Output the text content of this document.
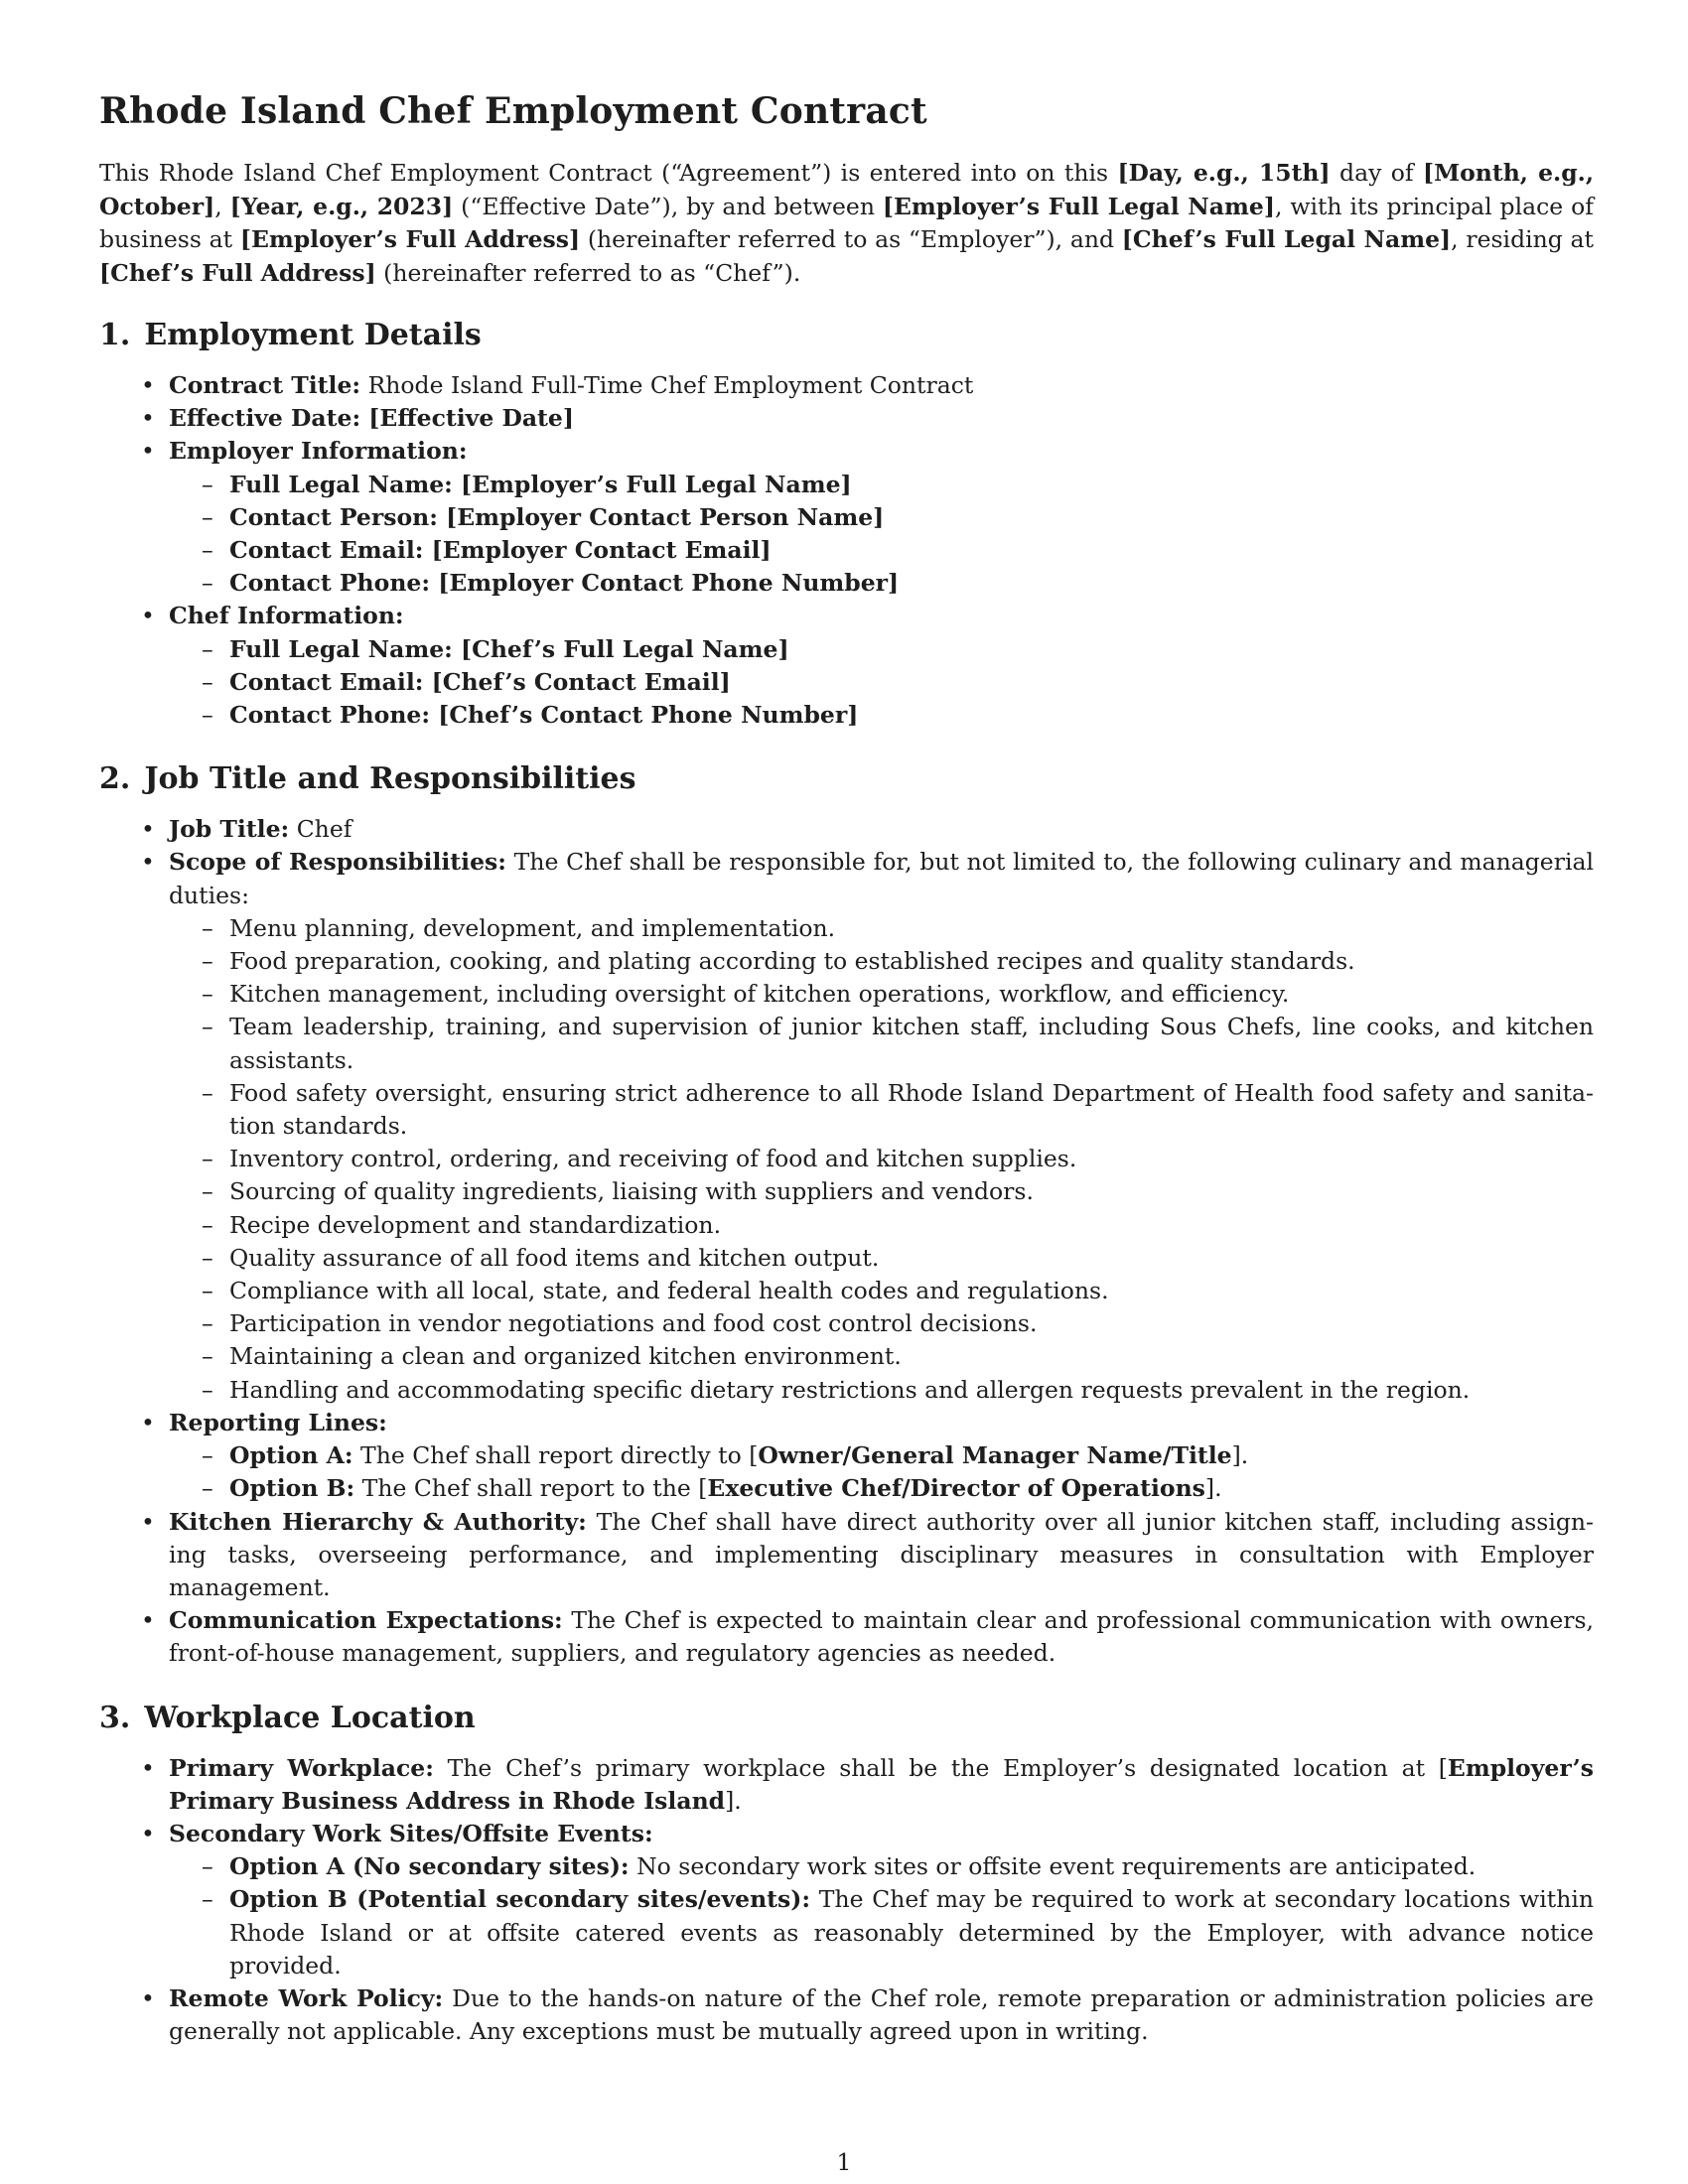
Rhode Island Chef Employment Contract

This Rhode Island Chef Employment Contract (“Agreement”) is entered into on this [Day, e.g., 15th] day of [Month, e.g., October], [Year, e.g., 2023] (“Effective Date”), by and between [Employer’s Full Legal Name], with its principal place of business at [Employer’s Full Address] (hereinafter referred to as “Employer”), and [Chef’s Full Legal Name], residing at [Chef’s Full Address] (hereinafter referred to as “Chef”).

1. Employment Details
• Contract Title: Rhode Island Full-Time Chef Employment Contract
• Effective Date: [Effective Date]
• Employer Information:
– Full Legal Name: [Employer’s Full Legal Name]
– Contact Person: [Employer Contact Person Name]
– Contact Email: [Employer Contact Email]
– Contact Phone: [Employer Contact Phone Number]
• Chef Information:
– Full Legal Name: [Chef’s Full Legal Name]
– Contact Email: [Chef’s Contact Email]
– Contact Phone: [Chef’s Contact Phone Number]
2. Job Title and Responsibilities
• Job Title: Chef
• Scope of Responsibilities: The Chef shall be responsible for, but not limited to, the following culinary and managerial duties:
– Menu planning, development, and implementation.
– Food preparation, cooking, and plating according to established recipes and quality standards.
– Kitchen management, including oversight of kitchen operations, workflow, and efficiency.
– Team leadership, training, and supervision of junior kitchen staff, including Sous Chefs, line cooks, and kitchen assistants.
– Food safety oversight, ensuring strict adherence to all Rhode Island Department of Health food safety and sanita-tion standards.
– Inventory control, ordering, and receiving of food and kitchen supplies.
– Sourcing of quality ingredients, liaising with suppliers and vendors.
– Recipe development and standardization.
– Quality assurance of all food items and kitchen output.
– Compliance with all local, state, and federal health codes and regulations.
– Participation in vendor negotiations and food cost control decisions.
– Maintaining a clean and organized kitchen environment.
– Handling and accommodating specific dietary restrictions and allergen requests prevalent in the region.
• Reporting Lines:
– Option A: The Chef shall report directly to [Owner/General Manager Name/Title].
– Option B: The Chef shall report to the [Executive Chef/Director of Operations].
• Kitchen Hierarchy & Authority: The Chef shall have direct authority over all junior kitchen staff, including assign-ing tasks, overseeing performance, and implementing disciplinary measures in consultation with Employer management.
• Communication Expectations: The Chef is expected to maintain clear and professional communication with owners, front-of-house management, suppliers, and regulatory agencies as needed.
3. Workplace Location
• Primary Workplace: The Chef’s primary workplace shall be the Employer’s designated location at [Employer’s Primary Business Address in Rhode Island].
• Secondary Work Sites/Offsite Events:
– Option A (No secondary sites): No secondary work sites or offsite event requirements are anticipated.
– Option B (Potential secondary sites/events): The Chef may be required to work at secondary locations within Rhode Island or at offsite catered events as reasonably determined by the Employer, with advance notice provided.
• Remote Work Policy: Due to the hands-on nature of the Chef role, remote preparation or administration policies are generally not applicable. Any exceptions must be mutually agreed upon in writing.
1
